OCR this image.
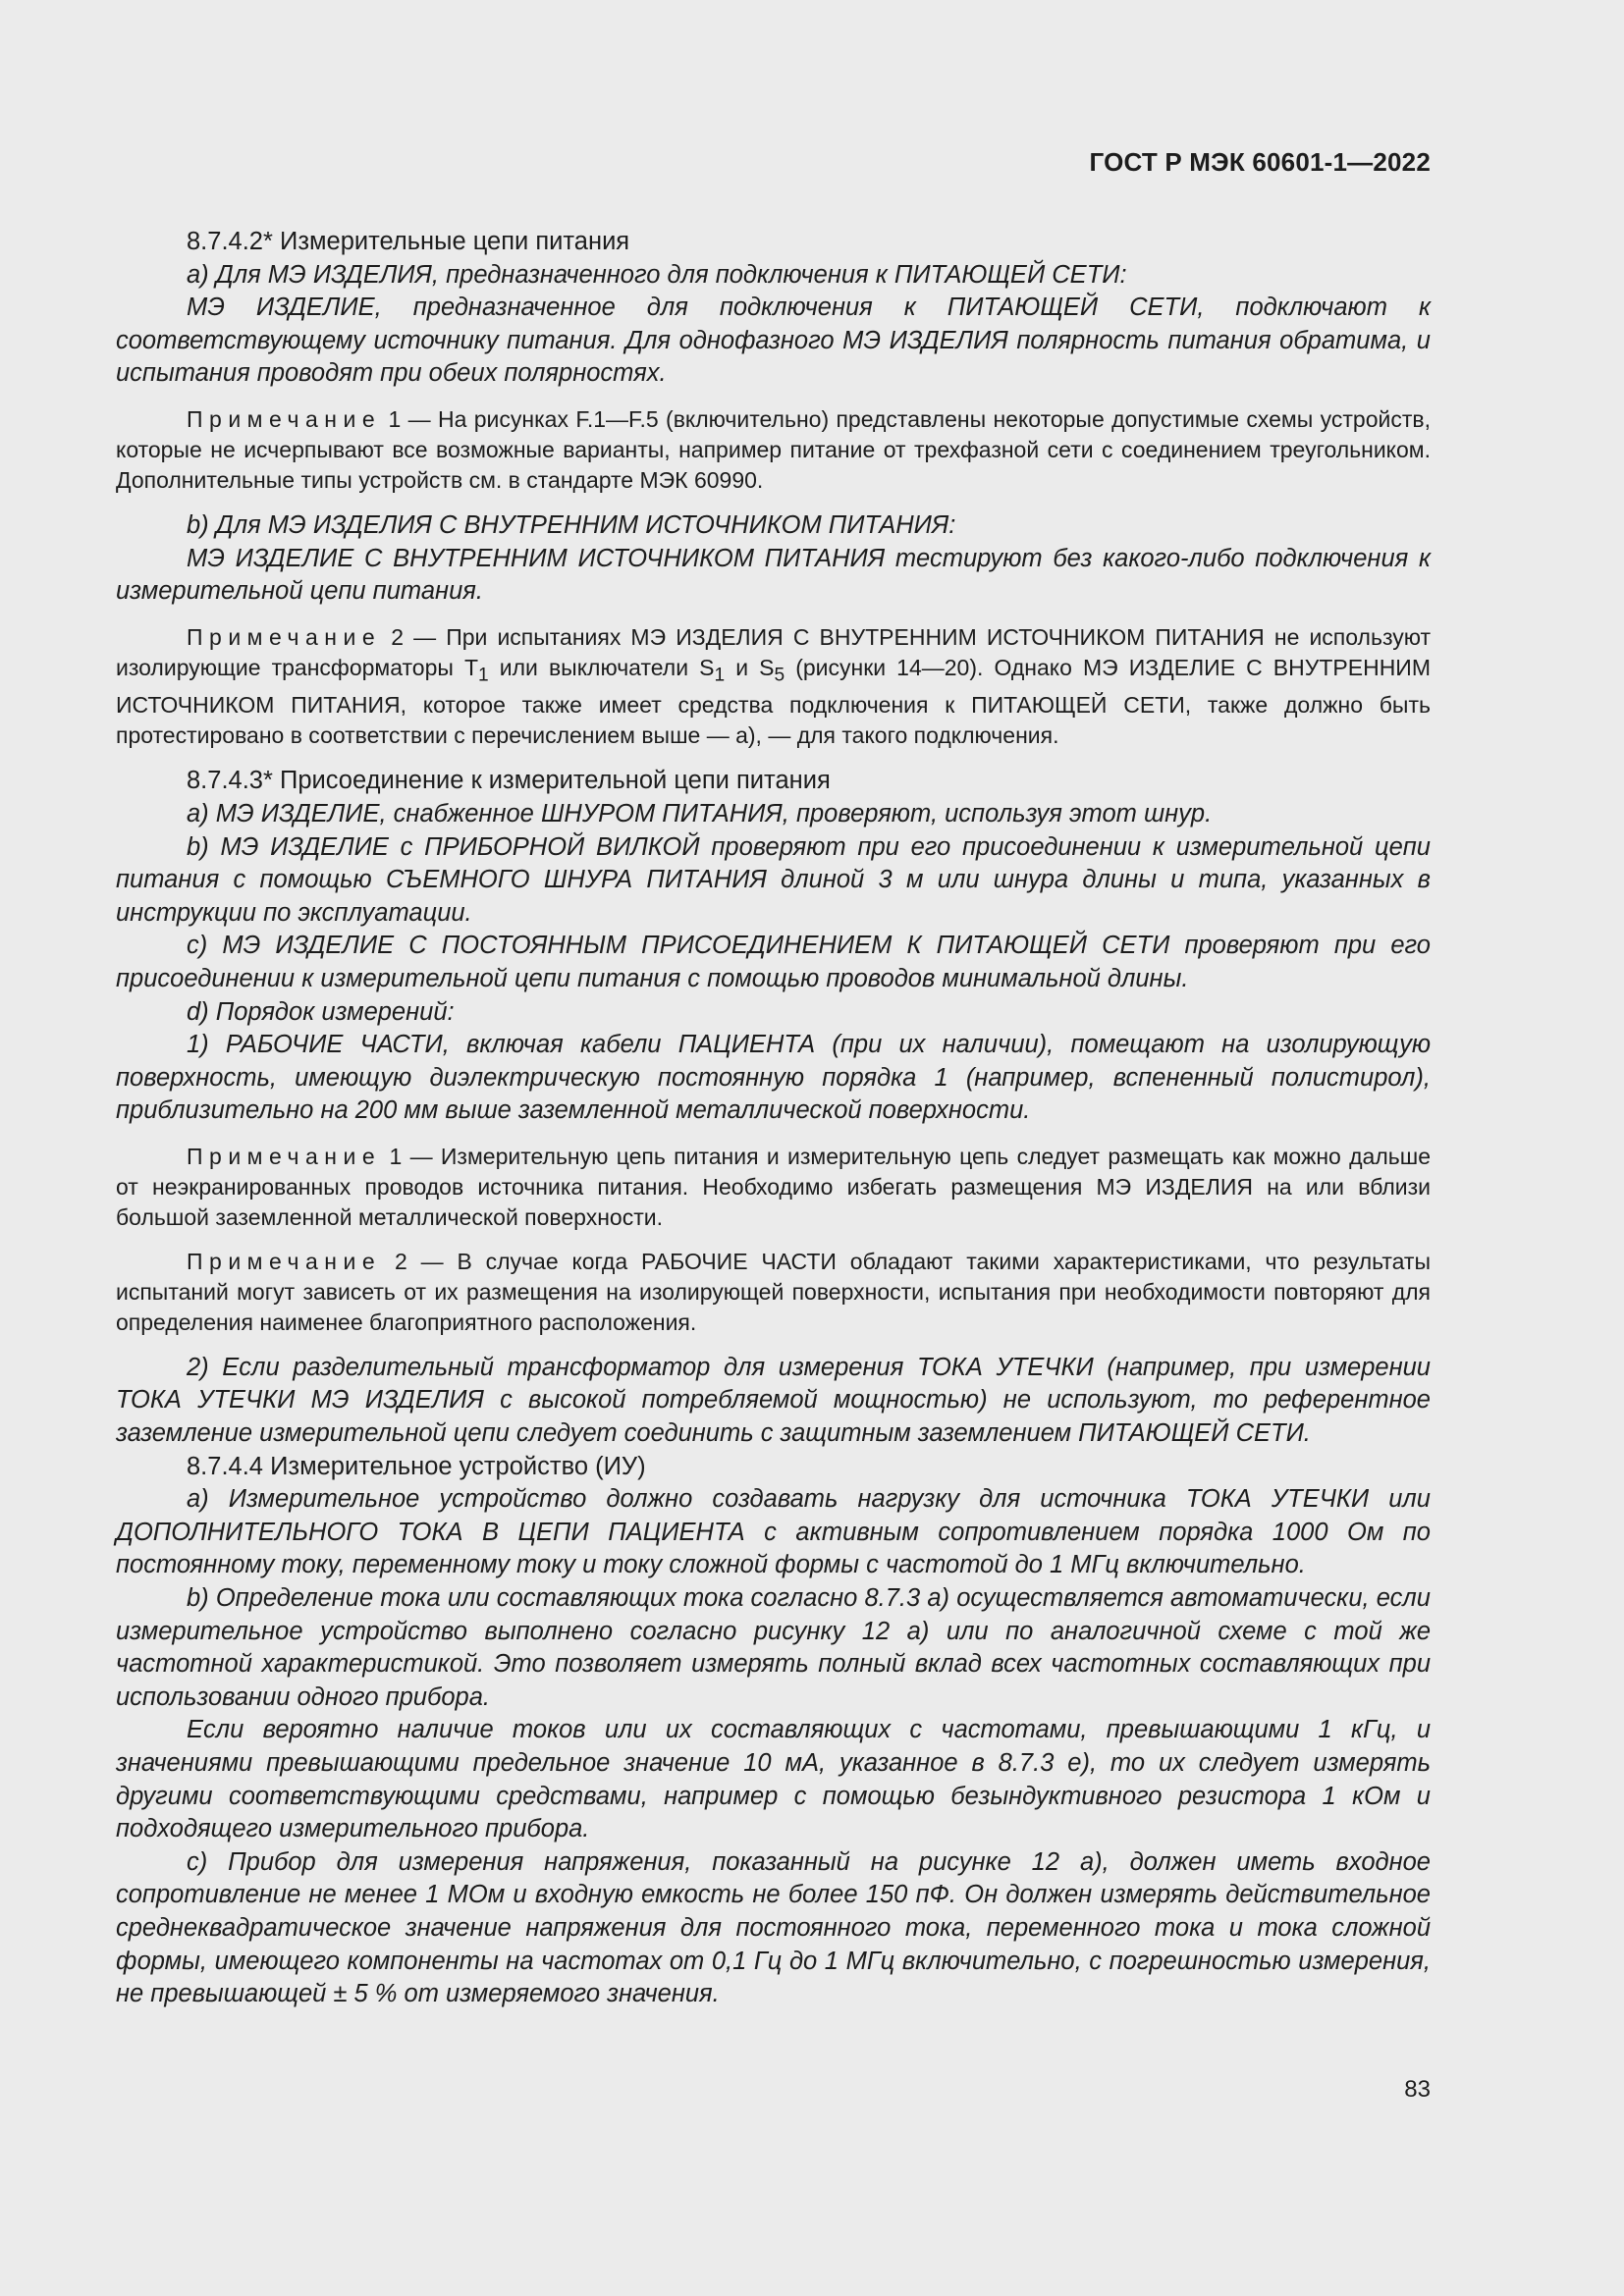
ГОСТ Р МЭК 60601-1—2022

8.7.4.2* Измерительные цепи питания

a) Для МЭ ИЗДЕЛИЯ, предназначенного для подключения к ПИТАЮЩЕЙ СЕТИ:

МЭ ИЗДЕЛИЕ, предназначенное для подключения к ПИТАЮЩЕЙ СЕТИ, подключают к соответствующему источнику питания. Для однофазного МЭ ИЗДЕЛИЯ полярность питания обратима, и испытания проводят при обеих полярностях.

Примечание 1 — На рисунках F.1—F.5 (включительно) представлены некоторые допустимые схемы устройств, которые не исчерпывают все возможные варианты, например питание от трехфазной сети с соединением треугольником. Дополнительные типы устройств см. в стандарте МЭК 60990.

b) Для МЭ ИЗДЕЛИЯ С ВНУТРЕННИМ ИСТОЧНИКОМ ПИТАНИЯ:

МЭ ИЗДЕЛИЕ С ВНУТРЕННИМ ИСТОЧНИКОМ ПИТАНИЯ тестируют без какого-либо подключения к измерительной цепи питания.

Примечание 2 — При испытаниях МЭ ИЗДЕЛИЯ С ВНУТРЕННИМ ИСТОЧНИКОМ ПИТАНИЯ не используют изолирующие трансформаторы $T_1$ или выключатели $S_1$ и $S_5$ (рисунки 14—20). Однако МЭ ИЗДЕЛИЕ С ВНУТРЕННИМ ИСТОЧНИКОМ ПИТАНИЯ, которое также имеет средства подключения к ПИТАЮЩЕЙ СЕТИ, также должно быть протестировано в соответствии с перечислением выше — а), — для такого подключения.

8.7.4.3* Присоединение к измерительной цепи питания

a) МЭ ИЗДЕЛИЕ, снабженное ШНУРОМ ПИТАНИЯ, проверяют, используя этот шнур.

b) МЭ ИЗДЕЛИЕ с ПРИБОРНОЙ ВИЛКОЙ проверяют при его присоединении к измерительной цепи питания с помощью СЪЕМНОГО ШНУРА ПИТАНИЯ длиной 3 м или шнура длины и типа, указанных в инструкции по эксплуатации.

c) МЭ ИЗДЕЛИЕ С ПОСТОЯННЫМ ПРИСОЕДИНЕНИЕМ К ПИТАЮЩЕЙ СЕТИ проверяют при его присоединении к измерительной цепи питания с помощью проводов минимальной длины.

d) Порядок измерений:

1) РАБОЧИЕ ЧАСТИ, включая кабели ПАЦИЕНТА (при их наличии), помещают на изолирующую поверхность, имеющую диэлектрическую постоянную порядка 1 (например, вспененный полистирол), приблизительно на 200 мм выше заземленной металлической поверхности.

Примечание 1 — Измерительную цепь питания и измерительную цепь следует размещать как можно дальше от неэкранированных проводов источника питания. Необходимо избегать размещения МЭ ИЗДЕЛИЯ на или вблизи большой заземленной металлической поверхности.

Примечание 2 — В случае когда РАБОЧИЕ ЧАСТИ обладают такими характеристиками, что результаты испытаний могут зависеть от их размещения на изолирующей поверхности, испытания при необходимости повторяют для определения наименее благоприятного расположения.

2) Если разделительный трансформатор для измерения ТОКА УТЕЧКИ (например, при измерении ТОКА УТЕЧКИ МЭ ИЗДЕЛИЯ с высокой потребляемой мощностью) не используют, то референтное заземление измерительной цепи следует соединить с защитным заземлением ПИТАЮЩЕЙ СЕТИ.

8.7.4.4 Измерительное устройство (ИУ)

a) Измерительное устройство должно создавать нагрузку для источника ТОКА УТЕЧКИ или ДОПОЛНИТЕЛЬНОГО ТОКА В ЦЕПИ ПАЦИЕНТА с активным сопротивлением порядка 1000 Ом по постоянному току, переменному току и току сложной формы с частотой до 1 МГц включительно.

b) Определение тока или составляющих тока согласно 8.7.3 а) осуществляется автоматически, если измерительное устройство выполнено согласно рисунку 12 а) или по аналогичной схеме с той же частотной характеристикой. Это позволяет измерять полный вклад всех частотных составляющих при использовании одного прибора.

Если вероятно наличие токов или их составляющих с частотами, превышающими 1 кГц, и значениями превышающими предельное значение 10 мА, указанное в 8.7.3 е), то их следует измерять другими соответствующими средствами, например с помощью безындуктивного резистора 1 кОм и подходящего измерительного прибора.

c) Прибор для измерения напряжения, показанный на рисунке 12 а), должен иметь входное сопротивление не менее 1 МОм и входную емкость не более 150 пФ. Он должен измерять действительное среднеквадратическое значение напряжения для постоянного тока, переменного тока и тока сложной формы, имеющего компоненты на частотах от 0,1 Гц до 1 МГц включительно, с погрешностью измерения, не превышающей ± 5 % от измеряемого значения.

83
